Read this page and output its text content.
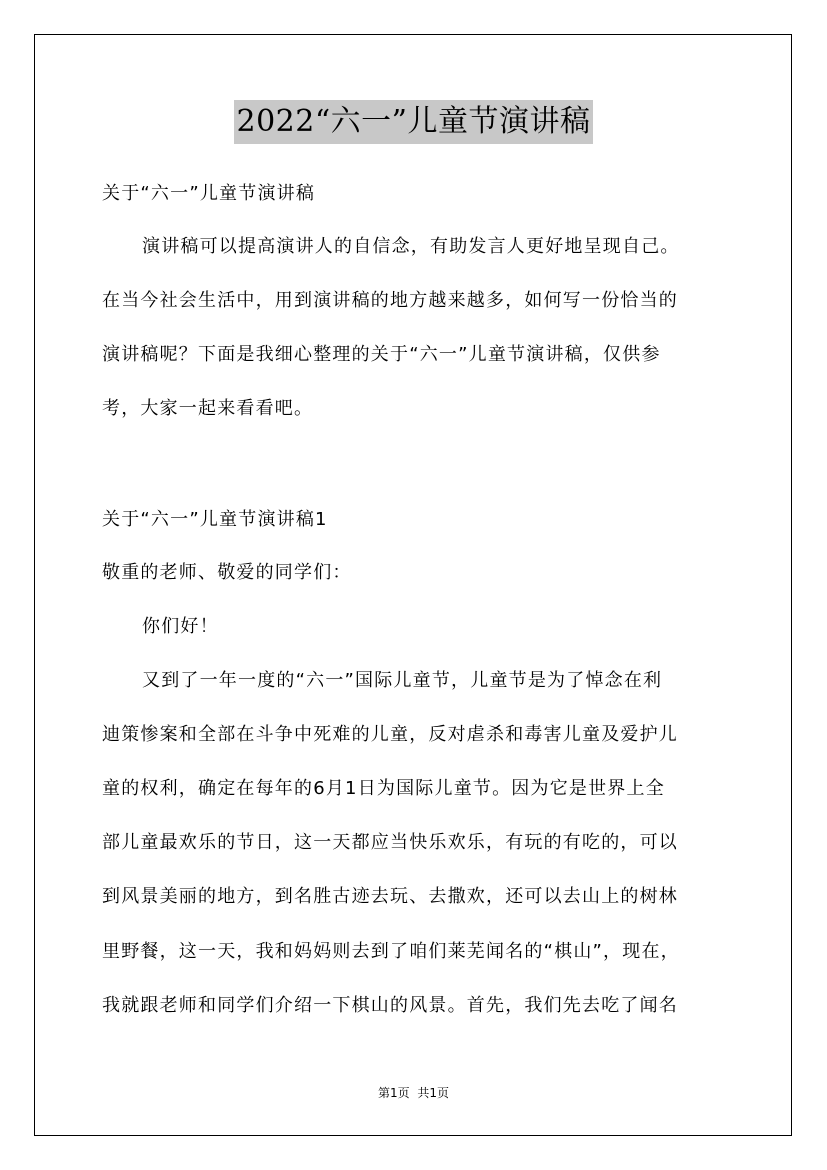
2022“六一”儿童节演讲稿
关于“六一”儿童节演讲稿
演讲稿可以提高演讲人的自信念，有助发言人更好地呈现自己。
在当今社会生活中，用到演讲稿的地方越来越多，如何写一份恰当的
演讲稿呢？下面是我细心整理的关于“六一”儿童节演讲稿，仅供参
考，大家一起来看看吧。
关于“六一”儿童节演讲稿1
敬重的老师、敬爱的同学们：
你们好！
又到了一年一度的“六一”国际儿童节，儿童节是为了悼念在利
迪策惨案和全部在斗争中死难的儿童，反对虐杀和毒害儿童及爱护儿
童的权利，确定在每年的6月1日为国际儿童节。因为它是世界上全
部儿童最欢乐的节日，这一天都应当快乐欢乐，有玩的有吃的，可以
到风景美丽的地方，到名胜古迹去玩、去撒欢，还可以去山上的树林
里野餐，这一天，我和妈妈则去到了咱们莱芜闻名的“棋山”，现在，
我就跟老师和同学们介绍一下棋山的风景。首先，我们先去吃了闻名
第1页 共1页
